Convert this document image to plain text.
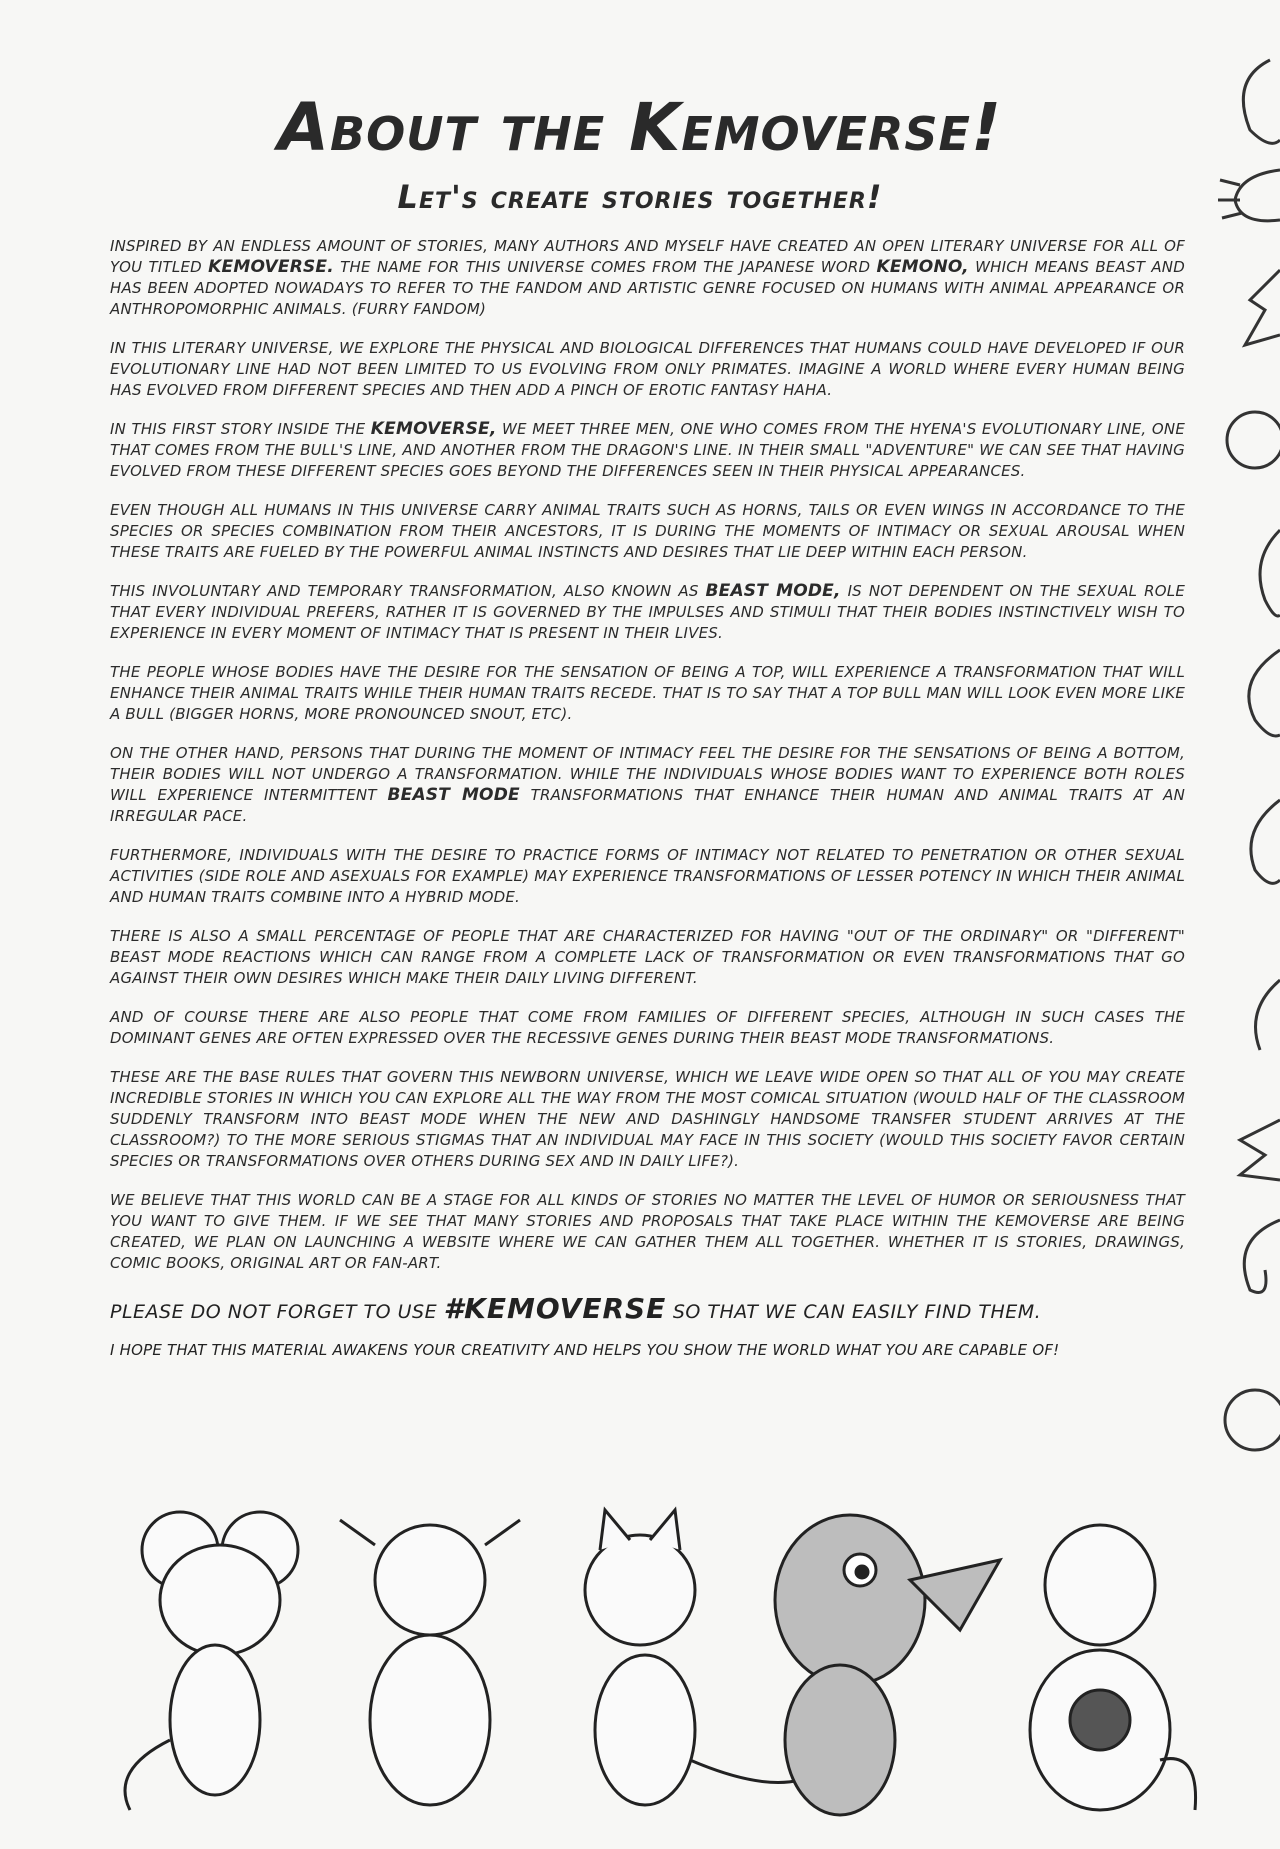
About the Kemoverse!
Let's create stories together!

INSPIRED BY AN ENDLESS AMOUNT OF STORIES, MANY AUTHORS AND MYSELF HAVE CREATED AN OPEN LITERARY UNIVERSE FOR ALL OF YOU TITLED KEMOVERSE. THE NAME FOR THIS UNIVERSE COMES FROM THE JAPANESE WORD KEMONO, WHICH MEANS BEAST AND HAS BEEN ADOPTED NOWADAYS TO REFER TO THE FANDOM AND ARTISTIC GENRE FOCUSED ON HUMANS WITH ANIMAL APPEARANCE OR ANTHROPOMORPHIC ANIMALS. (FURRY FANDOM)

IN THIS LITERARY UNIVERSE, WE EXPLORE THE PHYSICAL AND BIOLOGICAL DIFFERENCES THAT HUMANS COULD HAVE DEVELOPED IF OUR EVOLUTIONARY LINE HAD NOT BEEN LIMITED TO US EVOLVING FROM ONLY PRIMATES. IMAGINE A WORLD WHERE EVERY HUMAN BEING HAS EVOLVED FROM DIFFERENT SPECIES AND THEN ADD A PINCH OF EROTIC FANTASY HAHA.

IN THIS FIRST STORY INSIDE THE KEMOVERSE, WE MEET THREE MEN, ONE WHO COMES FROM THE HYENA'S EVOLUTIONARY LINE, ONE THAT COMES FROM THE BULL'S LINE, AND ANOTHER FROM THE DRAGON'S LINE. IN THEIR SMALL "ADVENTURE" WE CAN SEE THAT HAVING EVOLVED FROM THESE DIFFERENT SPECIES GOES BEYOND THE DIFFERENCES SEEN IN THEIR PHYSICAL APPEARANCES.

EVEN THOUGH ALL HUMANS IN THIS UNIVERSE CARRY ANIMAL TRAITS SUCH AS HORNS, TAILS OR EVEN WINGS IN ACCORDANCE TO THE SPECIES OR SPECIES COMBINATION FROM THEIR ANCESTORS, IT IS DURING THE MOMENTS OF INTIMACY OR SEXUAL AROUSAL WHEN THESE TRAITS ARE FUELED BY THE POWERFUL ANIMAL INSTINCTS AND DESIRES THAT LIE DEEP WITHIN EACH PERSON.

THIS INVOLUNTARY AND TEMPORARY TRANSFORMATION, ALSO KNOWN AS BEAST MODE, IS NOT DEPENDENT ON THE SEXUAL ROLE THAT EVERY INDIVIDUAL PREFERS, RATHER IT IS GOVERNED BY THE IMPULSES AND STIMULI THAT THEIR BODIES INSTINCTIVELY WISH TO EXPERIENCE IN EVERY MOMENT OF INTIMACY THAT IS PRESENT IN THEIR LIVES.

THE PEOPLE WHOSE BODIES HAVE THE DESIRE FOR THE SENSATION OF BEING A TOP, WILL EXPERIENCE A TRANSFORMATION THAT WILL ENHANCE THEIR ANIMAL TRAITS WHILE THEIR HUMAN TRAITS RECEDE. THAT IS TO SAY THAT A TOP BULL MAN WILL LOOK EVEN MORE LIKE A BULL (BIGGER HORNS, MORE PRONOUNCED SNOUT, ETC).

ON THE OTHER HAND, PERSONS THAT DURING THE MOMENT OF INTIMACY FEEL THE DESIRE FOR THE SENSATIONS OF BEING A BOTTOM, THEIR BODIES WILL NOT UNDERGO A TRANSFORMATION. WHILE THE INDIVIDUALS WHOSE BODIES WANT TO EXPERIENCE BOTH ROLES WILL EXPERIENCE INTERMITTENT BEAST MODE TRANSFORMATIONS THAT ENHANCE THEIR HUMAN AND ANIMAL TRAITS AT AN IRREGULAR PACE.

FURTHERMORE, INDIVIDUALS WITH THE DESIRE TO PRACTICE FORMS OF INTIMACY NOT RELATED TO PENETRATION OR OTHER SEXUAL ACTIVITIES (SIDE ROLE AND ASEXUALS FOR EXAMPLE) MAY EXPERIENCE TRANSFORMATIONS OF LESSER POTENCY IN WHICH THEIR ANIMAL AND HUMAN TRAITS COMBINE INTO A HYBRID MODE.

THERE IS ALSO A SMALL PERCENTAGE OF PEOPLE THAT ARE CHARACTERIZED FOR HAVING "OUT OF THE ORDINARY" OR "DIFFERENT" BEAST MODE REACTIONS WHICH CAN RANGE FROM A COMPLETE LACK OF TRANSFORMATION OR EVEN TRANSFORMATIONS THAT GO AGAINST THEIR OWN DESIRES WHICH MAKE THEIR DAILY LIVING DIFFERENT.

AND OF COURSE THERE ARE ALSO PEOPLE THAT COME FROM FAMILIES OF DIFFERENT SPECIES, ALTHOUGH IN SUCH CASES THE DOMINANT GENES ARE OFTEN EXPRESSED OVER THE RECESSIVE GENES DURING THEIR BEAST MODE TRANSFORMATIONS.

THESE ARE THE BASE RULES THAT GOVERN THIS NEWBORN UNIVERSE, WHICH WE LEAVE WIDE OPEN SO THAT ALL OF YOU MAY CREATE INCREDIBLE STORIES IN WHICH YOU CAN EXPLORE ALL THE WAY FROM THE MOST COMICAL SITUATION (WOULD HALF OF THE CLASSROOM SUDDENLY TRANSFORM INTO BEAST MODE WHEN THE NEW AND DASHINGLY HANDSOME TRANSFER STUDENT ARRIVES AT THE CLASSROOM?) TO THE MORE SERIOUS STIGMAS THAT AN INDIVIDUAL MAY FACE IN THIS SOCIETY (WOULD THIS SOCIETY FAVOR CERTAIN SPECIES OR TRANSFORMATIONS OVER OTHERS DURING SEX AND IN DAILY LIFE?).

WE BELIEVE THAT THIS WORLD CAN BE A STAGE FOR ALL KINDS OF STORIES NO MATTER THE LEVEL OF HUMOR OR SERIOUSNESS THAT YOU WANT TO GIVE THEM. IF WE SEE THAT MANY STORIES AND PROPOSALS THAT TAKE PLACE WITHIN THE KEMOVERSE ARE BEING CREATED, WE PLAN ON LAUNCHING A WEBSITE WHERE WE CAN GATHER THEM ALL TOGETHER. WHETHER IT IS STORIES, DRAWINGS, COMIC BOOKS, ORIGINAL ART OR FAN-ART.

PLEASE DO NOT FORGET TO USE #KEMOVERSE SO THAT WE CAN EASILY FIND THEM.

I HOPE THAT THIS MATERIAL AWAKENS YOUR CREATIVITY AND HELPS YOU SHOW THE WORLD WHAT YOU ARE CAPABLE OF!
